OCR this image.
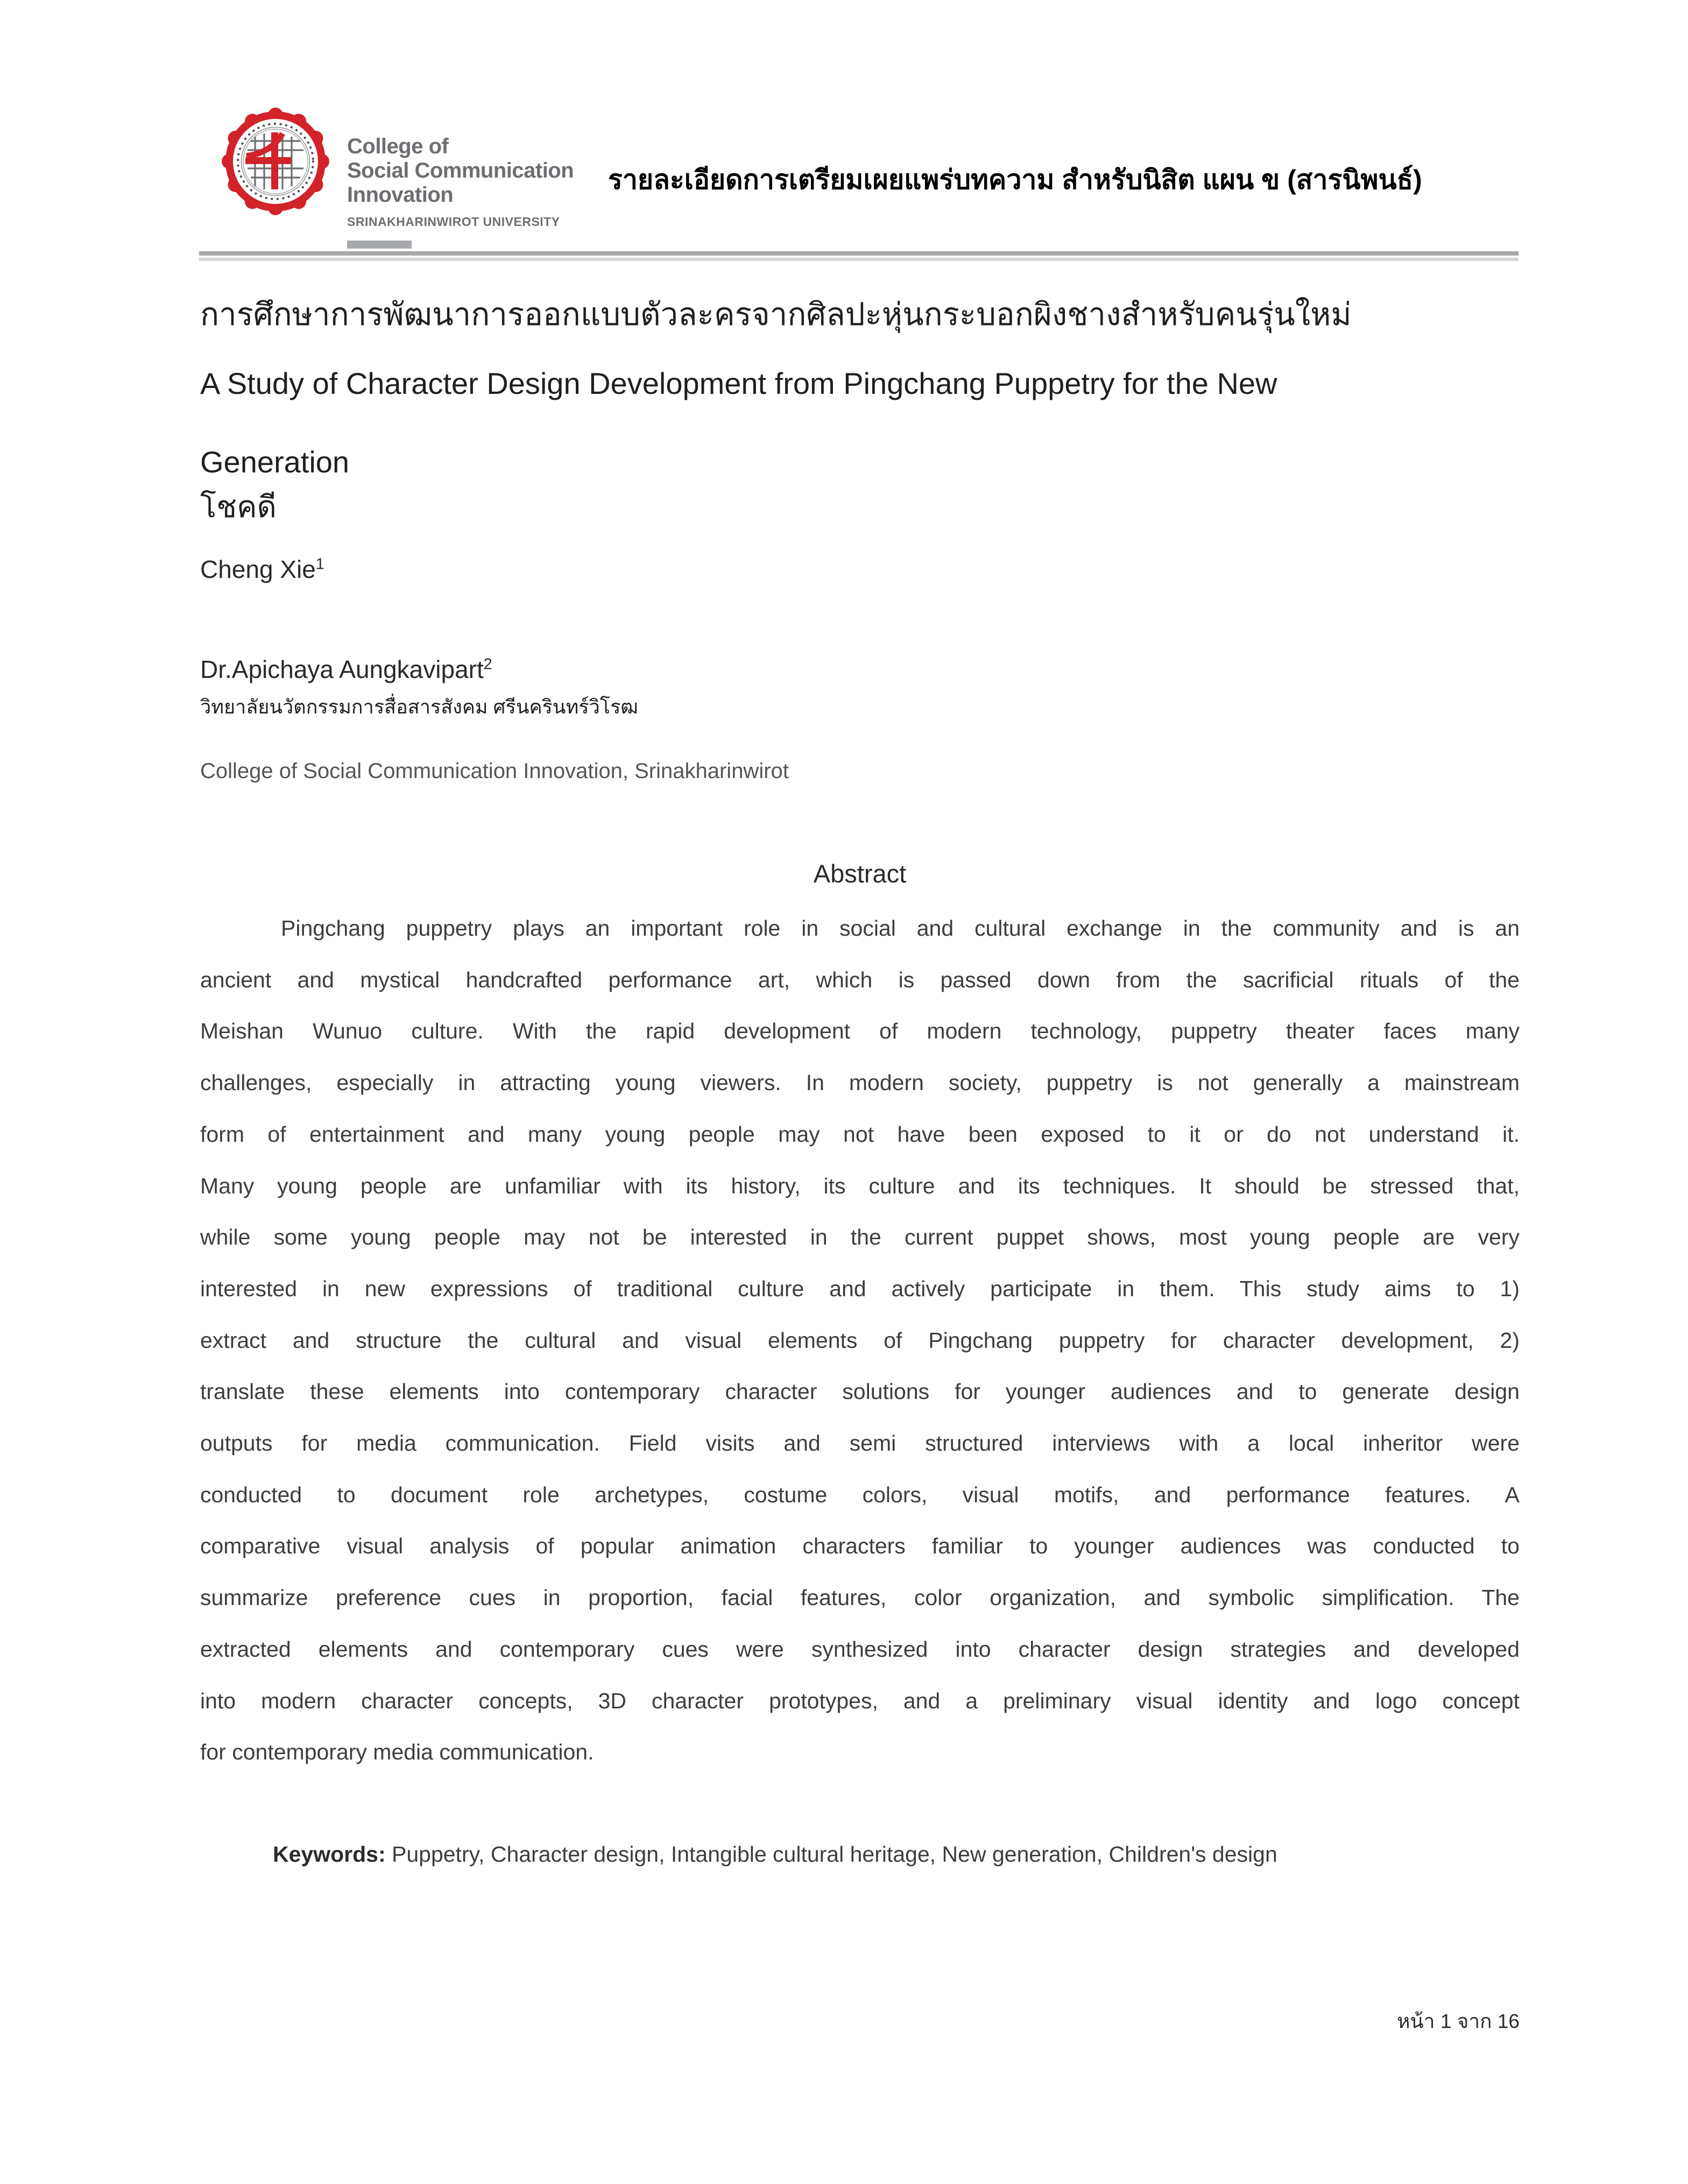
College of
Social Communication
Innovation
SRINAKHARINWIROT UNIVERSITY
รายละเอียดการเตรียมเผยแพร่บทความ สำหรับนิสิต แผน ข (สารนิพนธ์)
การศึกษาการพัฒนาการออกแบบตัวละครจากศิลปะหุ่นกระบอกผิงชางสำหรับคนรุ่นใหม่
A Study of Character Design Development from Pingchang Puppetry for the New
Generation
โชคดี
Cheng Xie$^1$
Dr.Apichaya Aungkavipart$^2$
วิทยาลัยนวัตกรรมการสื่อสารสังคม ศรีนครินทร์วิโรฒ
College of Social Communication Innovation, Srinakharinwirot
Abstract
Pingchang puppetry plays an important role in social and cultural exchange in the community and is an
ancient and mystical handcrafted performance art, which is passed down from the sacrificial rituals of the
Meishan Wunuo culture. With the rapid development of modern technology, puppetry theater faces many
challenges, especially in attracting young viewers. In modern society, puppetry is not generally a mainstream
form of entertainment and many young people may not have been exposed to it or do not understand it.
Many young people are unfamiliar with its history, its culture and its techniques. It should be stressed that,
while some young people may not be interested in the current puppet shows, most young people are very
interested in new expressions of traditional culture and actively participate in them. This study aims to 1)
extract and structure the cultural and visual elements of Pingchang puppetry for character development, 2)
translate these elements into contemporary character solutions for younger audiences and to generate design
outputs for media communication. Field visits and semi structured interviews with a local inheritor were
conducted to document role archetypes, costume colors, visual motifs, and performance features. A
comparative visual analysis of popular animation characters familiar to younger audiences was conducted to
summarize preference cues in proportion, facial features, color organization, and symbolic simplification. The
extracted elements and contemporary cues were synthesized into character design strategies and developed
into modern character concepts, 3D character prototypes, and a preliminary visual identity and logo concept
for contemporary media communication.
Keywords: Puppetry, Character design, Intangible cultural heritage, New generation, Children's design
หน้า 1 จาก 16
